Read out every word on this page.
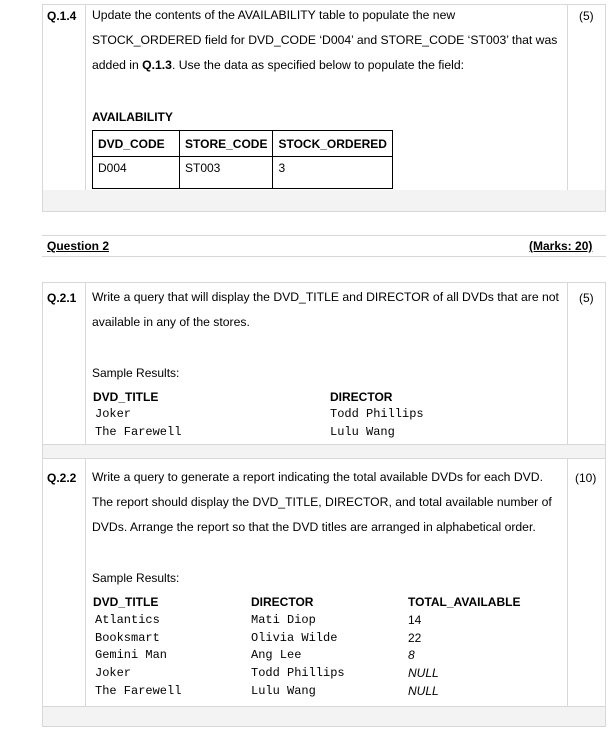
Q.1.4	(5)
Update the contents of the AVAILABILITY table to populate the new
STOCK_ORDERED field for DVD_CODE ‘D004’ and STORE_CODE ‘ST003’ that was
added in Q.1.3. Use the data as specified below to populate the field:
AVAILABILITY
DVD_CODE	STORE_CODE	STOCK_ORDERED
D004	ST003	3
Question 2	(Marks: 20)
Q.2.1	(5)
Write a query that will display the DVD_TITLE and DIRECTOR of all DVDs that are not
available in any of the stores.
Sample Results:
DVD_TITLE	DIRECTOR
Joker	Todd Phillips
The Farewell	Lulu Wang
Q.2.2	(10)
Write a query to generate a report indicating the total available DVDs for each DVD.
The report should display the DVD_TITLE, DIRECTOR, and total available number of
DVDs. Arrange the report so that the DVD titles are arranged in alphabetical order.
Sample Results:
DVD_TITLE	DIRECTOR	TOTAL_AVAILABLE
Atlantics	Mati Diop	14
Booksmart	Olivia Wilde	22
Gemini Man	Ang Lee	8
Joker	Todd Phillips	NULL
The Farewell	Lulu Wang	NULL
